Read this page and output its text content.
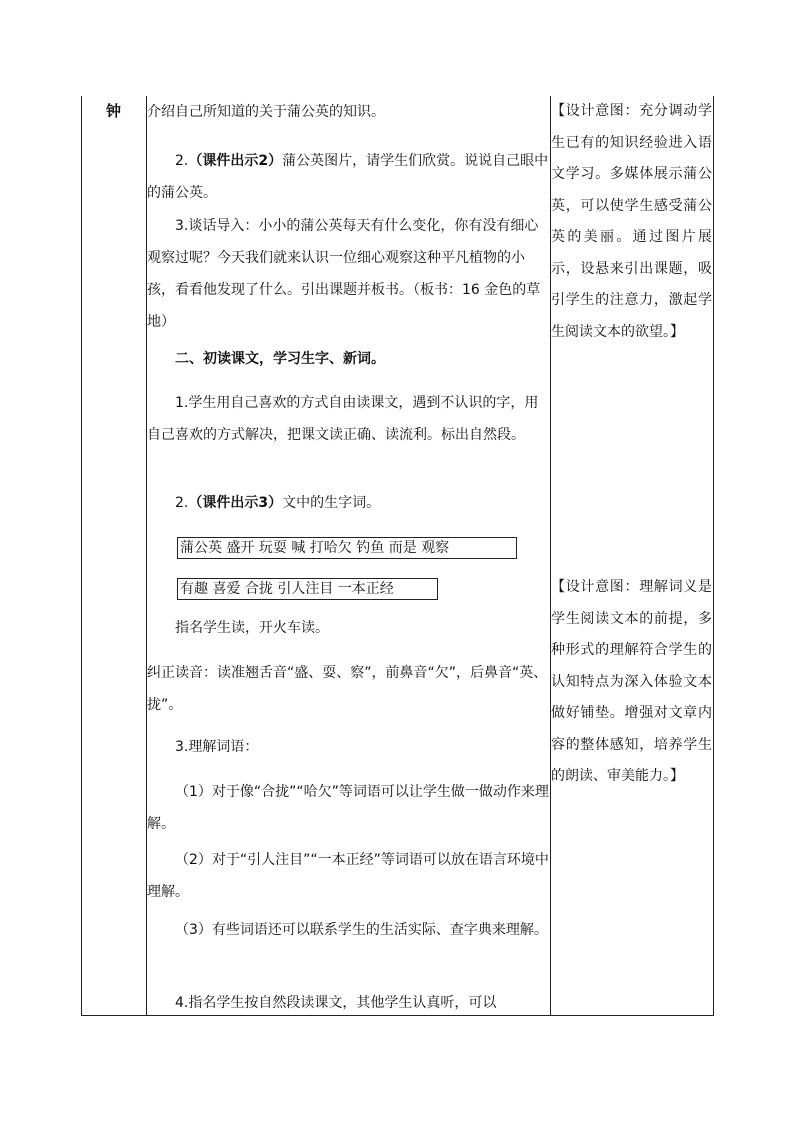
钟 介绍自己所知道的关于蒲公英的知识。

2.（课件出示2）蒲公英图片，请学生们欣赏。说说自己眼中的蒲公英。

3.谈话导入：小小的蒲公英每天有什么变化，你有没有细心观察过呢？今天我们就来认识一位细心观察这种平凡植物的小孩，看看他发现了什么。引出课题并板书。（板书：16 金色的草地）

二、初读课文，学习生字、新词。

1.学生用自己喜欢的方式自由读课文，遇到不认识的字，用自己喜欢的方式解决，把课文读正确、读流利。标出自然段。

2.（课件出示3）文中的生字词。

蒲公英 盛开 玩耍 喊 打哈欠 钓鱼 而是 观察
有趣 喜爱 合拢 引人注目 一本正经

指名学生读，开火车读。

纠正读音：读准翘舌音“盛、耍、察”，前鼻音“欠”，后鼻音“英、拢”。

3.理解词语：

（1）对于像“合拢”“哈欠”等词语可以让学生做一做动作来理解。

（2）对于“引人注目”“一本正经”等词语可以放在语言环境中理解。

（3）有些词语还可以联系学生的生活实际、查字典来理解。

4.指名学生按自然段读课文，其他学生认真听，可以

【设计意图：充分调动学生已有的知识经验进入语文学习。多媒体展示蒲公英，可以使学生感受蒲公英的美丽。通过图片展示，设悬来引出课题，吸引学生的注意力，激起学生阅读文本的欲望。】

【设计意图：理解词义是学生阅读文本的前提，多种形式的理解符合学生的认知特点为深入体验文本做好铺垫。增强对文章内容的整体感知，培养学生的朗读、审美能力。】
